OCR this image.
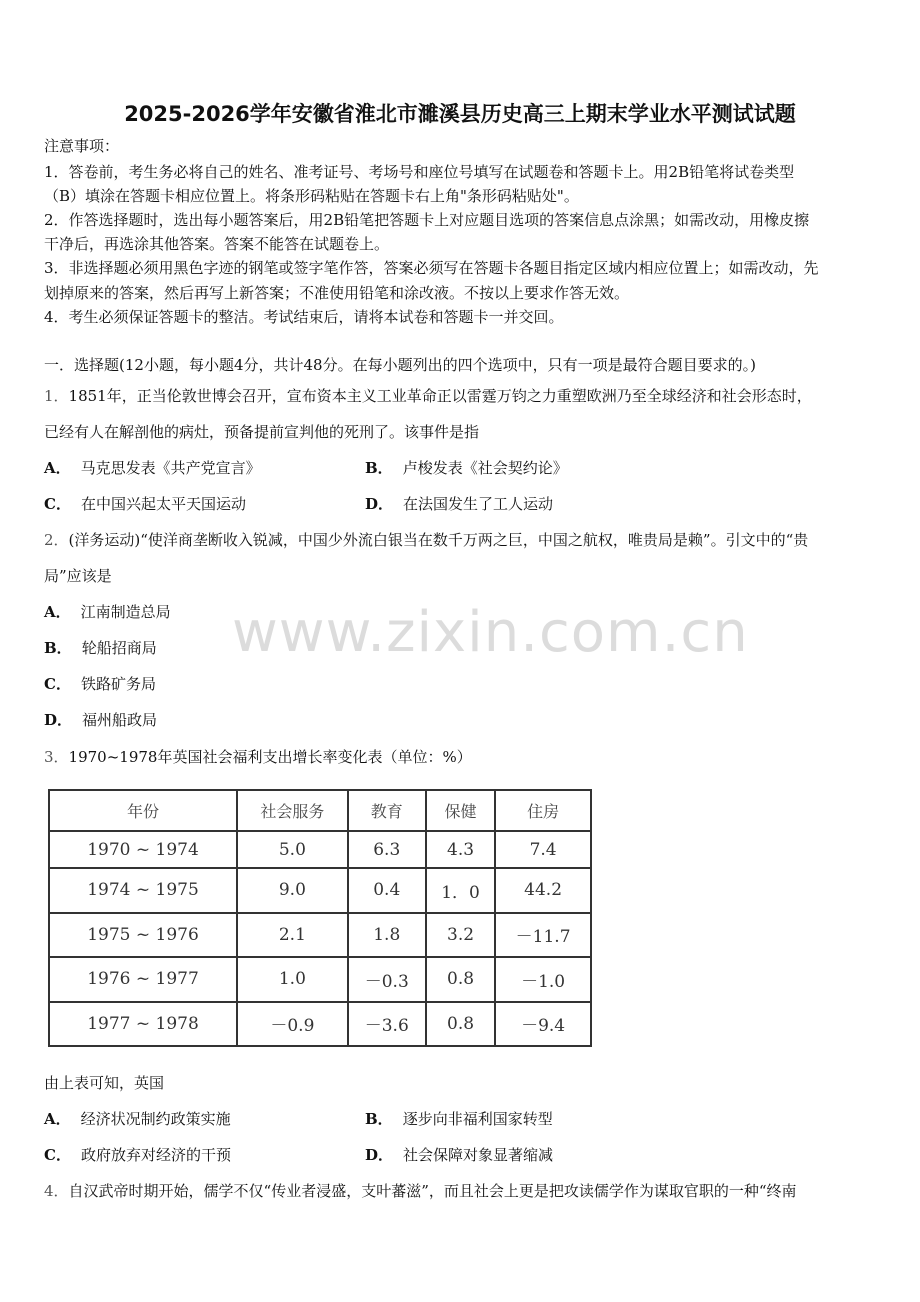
2025-2026学年安徽省淮北市濉溪县历史高三上期末学业水平测试试题
注意事项：
1．答卷前，考生务必将自己的姓名、准考证号、考场号和座位号填写在试题卷和答题卡上。用2B铅笔将试卷类型
（B）填涂在答题卡相应位置上。将条形码粘贴在答题卡右上角"条形码粘贴处"。
2．作答选择题时，选出每小题答案后，用2B铅笔把答题卡上对应题目选项的答案信息点涂黑；如需改动，用橡皮擦
干净后，再选涂其他答案。答案不能答在试题卷上。
3．非选择题必须用黑色字迹的钢笔或签字笔作答，答案必须写在答题卡各题目指定区域内相应位置上；如需改动，先
划掉原来的答案，然后再写上新答案；不准使用铅笔和涂改液。不按以上要求作答无效。
4．考生必须保证答题卡的整洁。考试结束后，请将本试卷和答题卡一并交回。
一．选择题(12小题，每小题4分，共计48分。在每小题列出的四个选项中，只有一项是最符合题目要求的。)
1．1851年，正当伦敦世博会召开，宣布资本主义工业革命正以雷霆万钧之力重塑欧洲乃至全球经济和社会形态时，
已经有人在解剖他的病灶，预备提前宣判他的死刑了。该事件是指
A． 马克思发表《共产党宣言》	B． 卢梭发表《社会契约论》
C． 在中国兴起太平天国运动	D． 在法国发生了工人运动
2．(洋务运动)“使洋商垄断收入锐减，中国少外流白银当在数千万两之巨，中国之航权，唯贵局是赖”。引文中的“贵
局”应该是
A． 江南制造总局
B． 轮船招商局
C． 铁路矿务局
D． 福州船政局
www.zixin.com.cn
3．1970~1978年英国社会福利支出增长率变化表（单位：%）
年份	社会服务	教育	保健	住房
1970 ~ 1974	5.0	6.3	4.3	7.4
1974 ~ 1975	9.0	0.4	1．0	44.2
1975 ~ 1976	2.1	1.8	3.2	－11.7
1976 ~ 1977	1.0	－0.3	0.8	－1.0
1977 ~ 1978	－0.9	－3.6	0.8	－9.4
由上表可知，英国
A． 经济状况制约政策实施	B． 逐步向非福利国家转型
C． 政府放弃对经济的干预	D． 社会保障对象显著缩减
4．自汉武帝时期开始，儒学不仅“传业者浸盛，支叶蕃滋”，而且社会上更是把攻读儒学作为谋取官职的一种“终南
